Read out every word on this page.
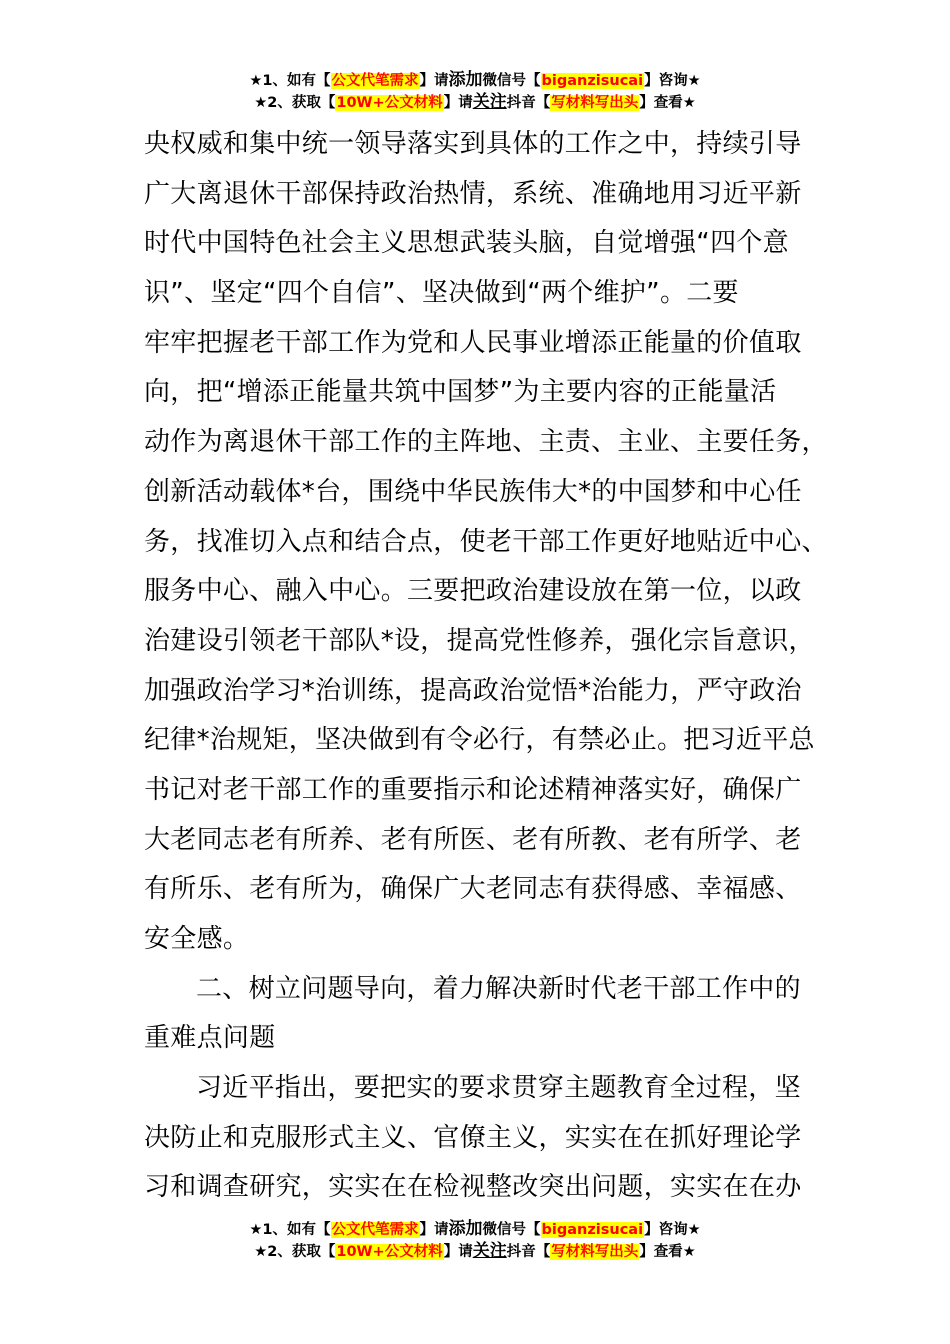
★1、如有【公文代笔需求】请添加微信号【biganzisucai】咨询★
★2、获取【10W+公文材料】请关注抖音【写材料写出头】查看★
央权威和集中统一领导落实到具体的工作之中，持续引导
广大离退休干部保持政治热情，系统、准确地用习近平新
时代中国特色社会主义思想武装头脑，自觉增强“四个意
识”、坚定“四个自信”、坚决做到“两个维护”。二要
牢牢把握老干部工作为党和人民事业增添正能量的价值取
向，把“增添正能量共筑中国梦”为主要内容的正能量活
动作为离退休干部工作的主阵地、主责、主业、主要任务，
创新活动载体*台，围绕中华民族伟大*的中国梦和中心任
务，找准切入点和结合点，使老干部工作更好地贴近中心、
服务中心、融入中心。三要把政治建设放在第一位，以政
治建设引领老干部队*设，提高党性修养，强化宗旨意识，
加强政治学习*治训练，提高政治觉悟*治能力，严守政治
纪律*治规矩，坚决做到有令必行，有禁必止。把习近平总
书记对老干部工作的重要指示和论述精神落实好，确保广
大老同志老有所养、老有所医、老有所教、老有所学、老
有所乐、老有所为，确保广大老同志有获得感、幸福感、
安全感。
二、树立问题导向，着力解决新时代老干部工作中的
重难点问题
习近平指出，要把实的要求贯穿主题教育全过程，坚
决防止和克服形式主义、官僚主义，实实在在抓好理论学
习和调查研究，实实在在检视整改突出问题，实实在在办
★1、如有【公文代笔需求】请添加微信号【biganzisucai】咨询★
★2、获取【10W+公文材料】请关注抖音【写材料写出头】查看★
